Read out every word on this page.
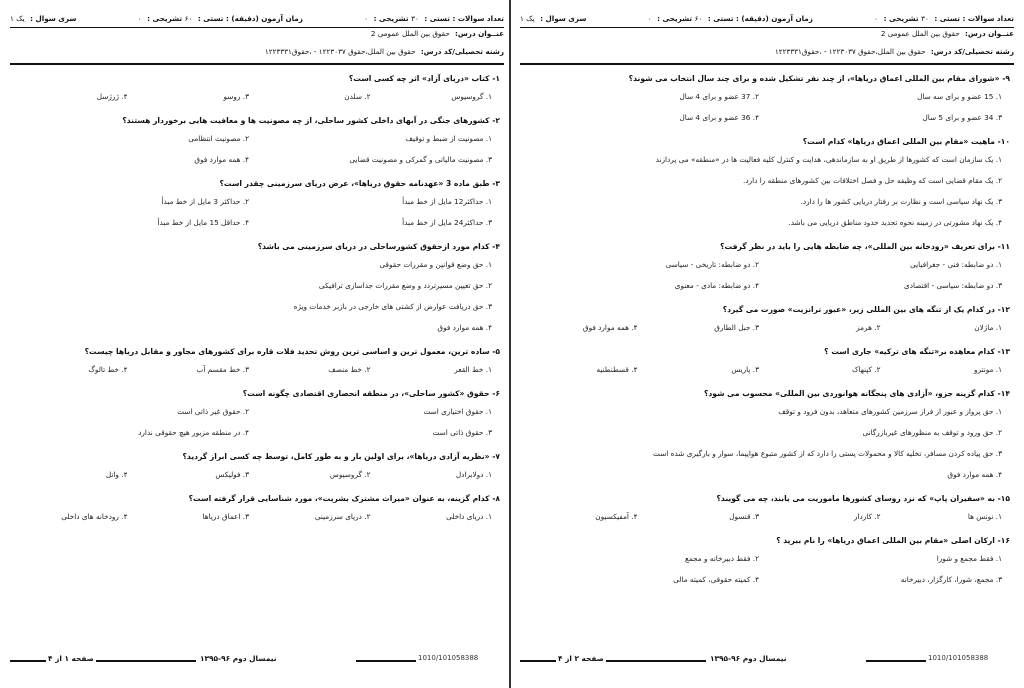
تعداد سوالات : تستی : ۳۰ تشریحی : ۰
زمان آزمون (دقیقه) : تستی : ۶۰ تشریحی : ۰
سری سوال : یک ۱
عنــوان درس: حقوق بین الملل عمومی 2
رشته تحصیلی/کد درس: حقوق بین الملل،حقوق ۱۲۲۳۰۳۷ - ،حقوق۱۲۲۳۳۳۱
۱- کتاب «دریای آزاد» اثر چه کسی است؟
۱. گروسیوس
۲. سلدن
۳. روسو
۴. ژرژسل
۲- کشورهای جنگی در آبهای داخلی کشور ساحلی، از چه مصونیت ها و معافیت هایی برخوردار هستند؟
۱. مصونیت از ضبط و توقیف
۲. مصونیت انتظامی
۳. مصونیت مالیاتی و گمرکی و مصونیت قضایی
۴. همه موارد فوق
۳- طبق ماده 3 «عهدنامه حقوق دریاها»، عرض دریای سرزمینی چقدر است؟
۱. حداکثر12 مایل از خط مبدأ
۲. حداکثر 3 مایل از خط مبدأ
۳. حداکثر24 مایل از خط مبدأ
۴. حداقل 15 مایل از خط مبدأ
۴- کدام مورد ازحقوق کشورساحلی در دریای سرزمینی می باشد؟
۱. حق وضع قوانین و مقررات حقوقی
۲. حق تعیین مسیرتردد و وضع مقررات جداسازی ترافیکی
۳. حق دریافت عوارض از کشتی های خارجی در بازبر خدمات ویژه
۴. همه موارد فوق
۵- ساده ترین، معمول ترین و اساسی ترین روش تحدید فلات قاره برای کشورهای مجاور و مقابل دریاها چیست؟
۱. خط القعر
۲. خط منصف
۳. خط مقسم آب
۴. خط تالوگ
۶- حقوق «کشور ساحلی»، در منطقه انحصاری اقتصادی چگونه است؟
۱. حقوق اختیاری است
۲. حقوق غیر ذاتی است
۳. حقوق ذاتی است
۴. در منطقه مزبور هیچ حقوقی ندارد
۷- «نظریه آزادی دریاها»، برای اولین بار و به طور کامل، توسط چه کسی ابراز گردید؟
۱. دولابرادل
۲. گروسیوس
۳. فولیکس
۴. واتل
۸- کدام گزینه، به عنوان «میراث مشترک بشریت»، مورد شناسایی قرار گرفته است؟
۱. دریای داخلی
۲. دریای سرزمینی
۳. اعماق دریاها
۴. رودخانه های داخلی
صفحه ۱ از ۴	نیمسال دوم ۹۶-۱۳۹۵	1010/101058388
تعداد سوالات : تستی : ۳۰ تشریحی : ۰
زمان آزمون (دقیقه) : تستی : ۶۰ تشریحی : ۰
سری سوال : یک ۱
عنــوان درس: حقوق بین الملل عمومی 2
رشته تحصیلی/کد درس: حقوق بین الملل،حقوق ۱۲۲۳۰۳۷ - ،حقوق۱۲۲۳۳۳۱
۹- «شورای مقام بین المللی اعماق دریاها»، از چند نفر تشکیل شده و برای چند سال انتخاب می شوند؟
۱. 15 عضو و برای سه سال
۲. 37 عضو و برای 4 سال
۳. 34 عضو و برای 5 سال
۴. 36 عضو و برای 4 سال
۱۰- ماهیت «مقام بین المللی اعماق دریاها» کدام است؟
۱. یک سازمان است که کشورها از طریق او به سازماندهی، هدایت و کنترل کلیه فعالیت ها در «منطقه» می پردازند
۲. یک مقام قضایی است که وظیفه حل و فصل اختلافات بین کشورهای منطقه را دارد.
۳. یک نهاد سیاسی است و نظارت بر رفتار دریایی کشور ها را دارد.
۴. یک نهاد مشورتی در زمینه نحوه تحدید حدود مناطق دریایی می باشد.
۱۱- برای تعریف «رودخانه بین المللی»، چه ضابطه هایی را باید در نظر گرفت؟
۱. دو ضابطه: فنی - جغرافیایی
۲. دو ضابطه: تاریخی - سیاسی
۳. دو ضابطه: سیاسی - اقتصادی
۴. دو ضابطه: مادی - معنوی
۱۲- در کدام یک از تنگه های بین المللی زیر، «عبور ترانزیت» صورت می گیرد؟
۱. ماژلان
۲. هرمز
۳. جبل الطارق
۴. همه موارد فوق
۱۳- کدام معاهده بر«تنگه های ترکیه» جاری است ؟
۱. مونترو
۲. کپنهاک
۳. پاریس
۴. قسطنطنیه
۱۴- کدام گزینه جزو، «آزادی های پنجگانه هوانوردی بین المللی» محسوب می شود؟
۱. حق پرواز و عبور از فراز سرزمین کشورهای متعاهد، بدون فرود و توقف
۲. حق ورود و توقف به منظورهای غیربازرگانی
۳. حق پیاده کردن مسافر، تخلیه کالا و محمولات پستی را دارد که از کشور متبوع هواپیما، سوار و بارگیری شده است
۴. همه موارد فوق
۱۵- به «سفیران پاپ» که نزد روسای کشورها ماموریت می یابند، چه می گویند؟
۱. نونس ها
۲. کاردار
۳. قنسول
۴. آمفیکسیون
۱۶- ارکان اصلی «مقام بین المللی اعماق دریاها» را نام ببرید ؟
۱. فقط مجمع و شورا
۲. فقط دبیرخانه و مجمع
۳. مجمع، شورا، کارگزار، دبیرخانه
۴. کمیته حقوقی، کمیته مالی
صفحه ۲ از ۴	نیمسال دوم ۹۶-۱۳۹۵	1010/101058388
